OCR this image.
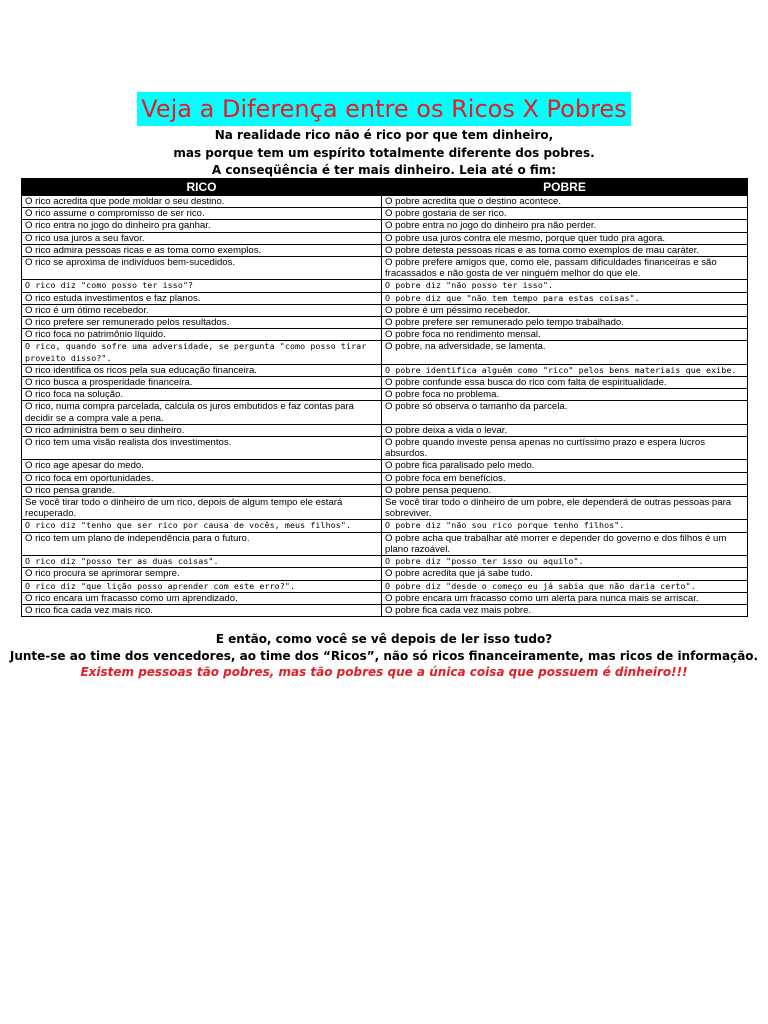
Veja a Diferença entre os Ricos X Pobres
Na realidade rico não é rico por que tem dinheiro,
mas porque tem um espírito totalmente diferente dos pobres.
A conseqüência é ter mais dinheiro. Leia até o fim:
RICO	POBRE
O rico acredita que pode moldar o seu destino.	O pobre acredita que o destino acontece.
O rico assume o compromisso de ser rico.	O pobre gostaria de ser rico.
O rico entra no jogo do dinheiro pra ganhar.	O pobre entra no jogo do dinheiro pra não perder.
O rico usa juros a seu favor.	O pobre usa juros contra ele mesmo, porque quer tudo pra agora.
O rico admira pessoas ricas e as toma como exemplos.	O pobre detesta pessoas ricas e as toma como exemplos de mau caráter.
O rico se aproxima de indivíduos bem-sucedidos.	O pobre prefere amigos que, como ele, passam dificuldades financeiras e são fracassados e não gosta de ver ninguém melhor do que ele.
O rico diz "como posso ter isso"?	O pobre diz "não posso ter isso".
O rico estuda investimentos e faz planos.	O pobre diz que "não tem tempo para estas coisas".
O rico é um ótimo recebedor.	O pobre é um péssimo recebedor.
O rico prefere ser remunerado pelos resultados.	O pobre prefere ser remunerado pelo tempo trabalhado.
O rico foca no patrimônio líquido.	O pobre foca no rendimento mensal.
O rico, quando sofre uma adversidade, se pergunta "como posso tirar proveito disso?".	O pobre, na adversidade, se lamenta.
O rico identifica os ricos pela sua educação financeira.	O pobre identifica alguém como "rico" pelos bens materiais que exibe.
O rico busca a prosperidade financeira.	O pobre confunde essa busca do rico com falta de espiritualidade.
O rico foca na solução.	O pobre foca no problema.
O rico, numa compra parcelada, calcula os juros embutidos e faz contas para decidir se a compra vale a pena.	O pobre só observa o tamanho da parcela.
O rico administra bem o seu dinheiro.	O pobre deixa a vida o levar.
O rico tem uma visão realista dos investimentos.	O pobre quando investe pensa apenas no curtíssimo prazo e espera lucros absurdos.
O rico age apesar do medo.	O pobre fica paralisado pelo medo.
O rico foca em oportunidades.	O pobre foca em benefícios.
O rico pensa grande.	O pobre pensa pequeno.
Se você tirar todo o dinheiro de um rico, depois de algum tempo ele estará recuperado.	Se você tirar todo o dinheiro de um pobre, ele dependerá de outras pessoas para sobreviver.
O rico diz "tenho que ser rico por causa de vocês, meus filhos".	O pobre diz "não sou rico porque tenho filhos".
O rico tem um plano de independência para o futuro.	O pobre acha que trabalhar até morrer e depender do governo e dos filhos é um plano razoável.
O rico diz "posso ter as duas coisas".	O pobre diz "posso ter isso ou aquilo".
O rico procura se aprimorar sempre.	O pobre acredita que já sabe tudo.
O rico diz "que lição posso aprender com este erro?".	O pobre diz "desde o começo eu já sabia que não daria certo".
O rico encara um fracasso como um aprendizado.	O pobre encara um fracasso como um alerta para nunca mais se arriscar.
O rico fica cada vez mais rico.	O pobre fica cada vez mais pobre.
E então, como você se vê depois de ler isso tudo?
Junte-se ao time dos vencedores, ao time dos “Ricos”, não só ricos financeiramente, mas ricos de informação.
Existem pessoas tão pobres, mas tão pobres que a única coisa que possuem é dinheiro!!!
